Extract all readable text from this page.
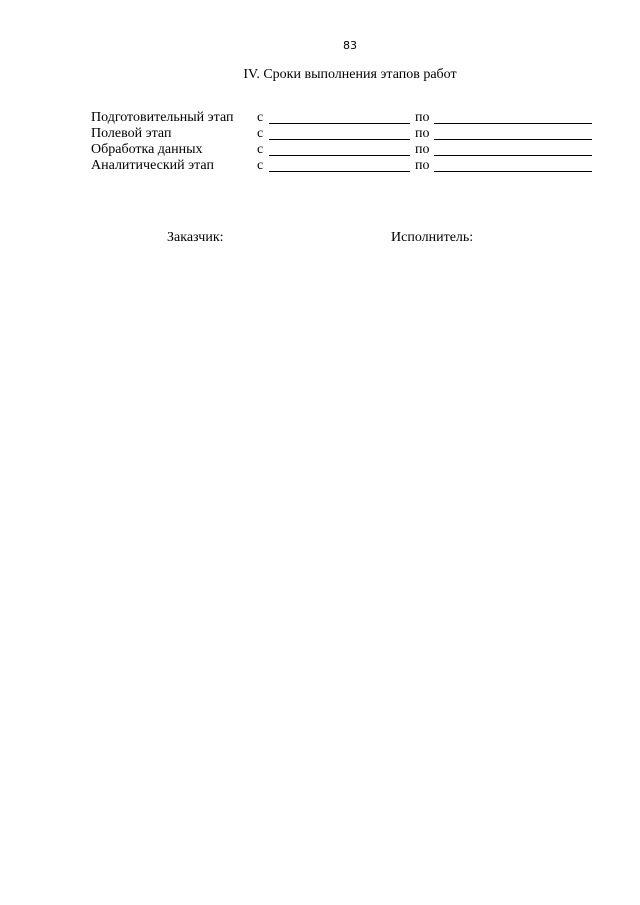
83
IV. Сроки выполнения этапов работ
Подготовительный этап с	по
Полевой этап	с	по
Обработка данных	с	по
Аналитический этап	с	по
Заказчик:	Исполнитель:
